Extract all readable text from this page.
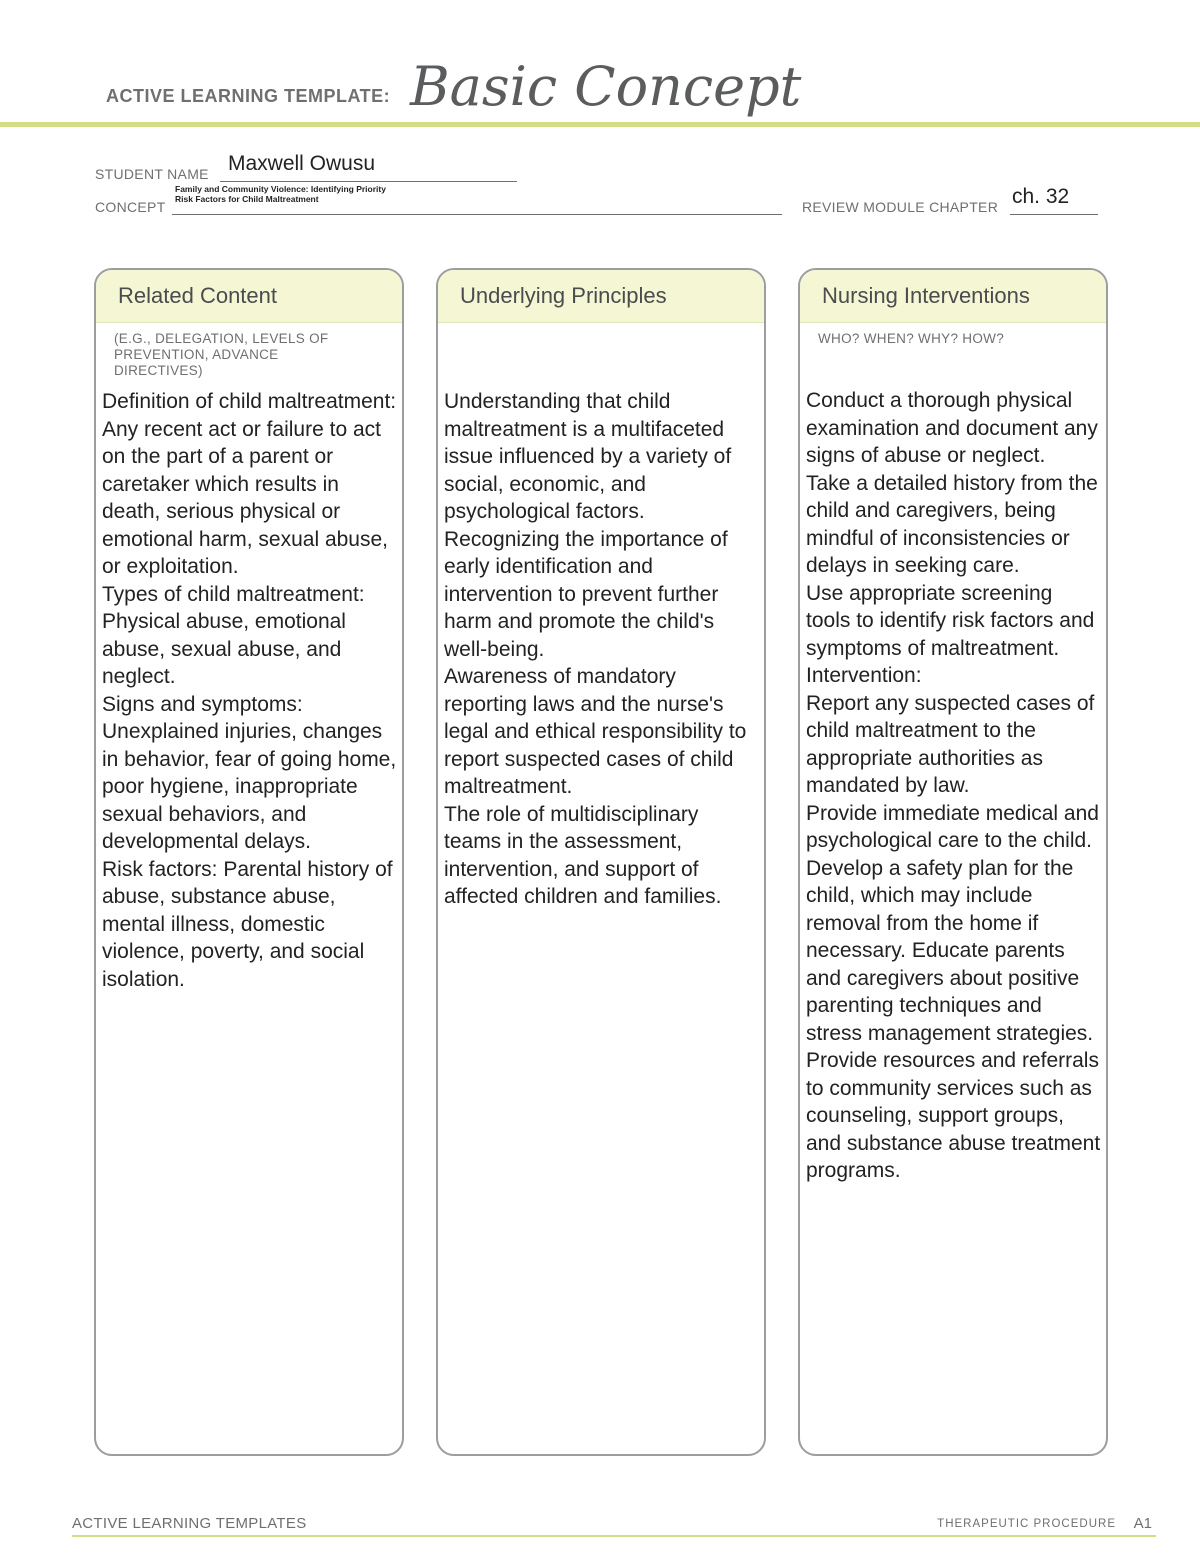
ACTIVE LEARNING TEMPLATE: Basic Concept
STUDENT NAME Maxwell Owusu
CONCEPT
Family and Community Violence: Identifying Priority Risk Factors for Child Maltreatment	REVIEW MODULE CHAPTER ch. 32
Related Content
(E.G., DELEGATION, LEVELS OF PREVENTION, ADVANCE DIRECTIVES)
Definition of child maltreatment: Any recent act or failure to act on the part of a parent or caretaker which results in death, serious physical or emotional harm, sexual abuse, or exploitation.
Types of child maltreatment: Physical abuse, emotional abuse, sexual abuse, and neglect.
Signs and symptoms: Unexplained injuries, changes in behavior, fear of going home, poor hygiene, inappropriate sexual behaviors, and developmental delays.
Risk factors: Parental history of abuse, substance abuse, mental illness, domestic violence, poverty, and social isolation.
Underlying Principles
Understanding that child maltreatment is a multifaceted issue influenced by a variety of social, economic, and psychological factors.
Recognizing the importance of early identification and intervention to prevent further harm and promote the child's well-being.
Awareness of mandatory reporting laws and the nurse's legal and ethical responsibility to report suspected cases of child maltreatment.
The role of multidisciplinary teams in the assessment, intervention, and support of affected children and families.
Nursing Interventions
WHO? WHEN? WHY? HOW?
Conduct a thorough physical examination and document any signs of abuse or neglect.
Take a detailed history from the child and caregivers, being mindful of inconsistencies or delays in seeking care.
Use appropriate screening tools to identify risk factors and symptoms of maltreatment.
Intervention:
Report any suspected cases of child maltreatment to the appropriate authorities as mandated by law.
Provide immediate medical and psychological care to the child.
Develop a safety plan for the child, which may include removal from the home if necessary. Educate parents and caregivers about positive parenting techniques and stress management strategies.
Provide resources and referrals to community services such as counseling, support groups, and substance abuse treatment programs.
ACTIVE LEARNING TEMPLATES	THERAPEUTIC PROCEDURE A1
